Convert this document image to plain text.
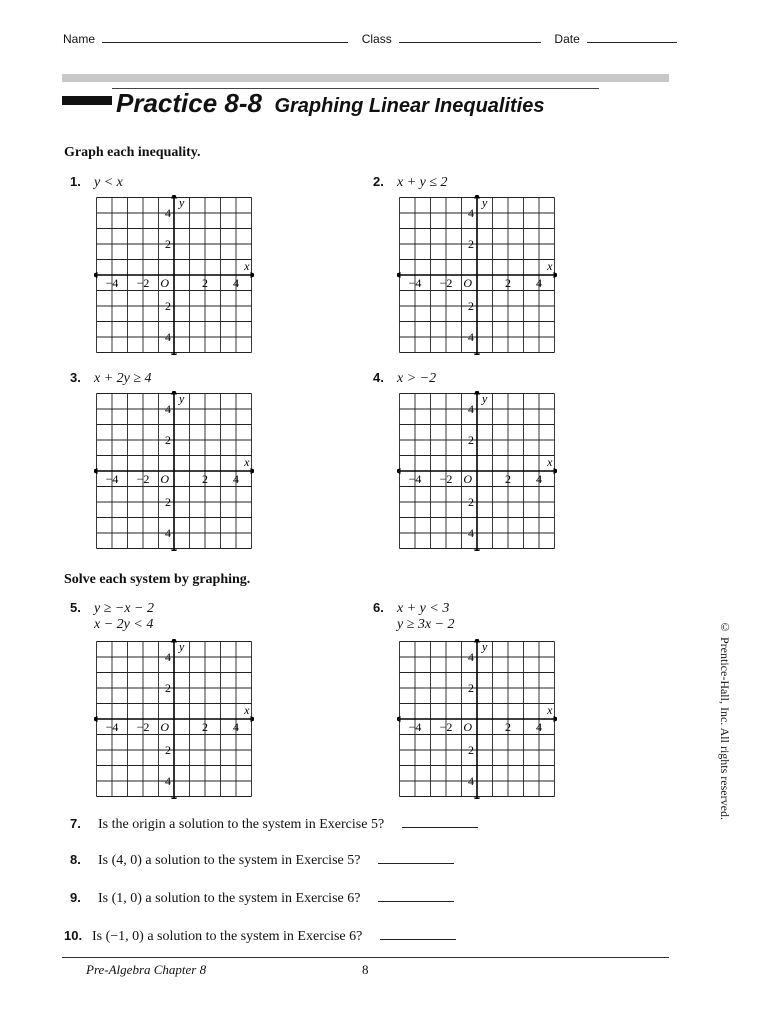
Name	Class	Date
Practice 8-8 Graphing Linear Inequalities
Graph each inequality.
1. y < x	2. x + y ≤ 2
3. x + 2y ≥ 4	4. x > −2
Solve each system by graphing.
5. y ≥ −x − 2
x − 2y < 4
6. x + y < 3
y ≥ 3x − 2
−4 −2	2 4
4
2
−2
−4
O
x
y
−4 −2	2 4
4
2
−2
−4
O
x
y
−4 −2	2 4
4
2
−2
−4
O
x
y
−4 −2	2 4
4
2
−2
−4
O
x
y
−4 −2	2 4
4
2
−2
−4
O
x
y
−4 −2	2 4
4
2
−2
−4
O
x
y
7. Is the origin a solution to the system in Exercise 5?
8. Is (4, 0) a solution to the system in Exercise 5?
9. Is (1, 0) a solution to the system in Exercise 6?
10. Is (−1, 0) a solution to the system in Exercise 6?
© Prentice-Hall, Inc. All rights reserved.
Pre-Algebra Chapter 8	8
